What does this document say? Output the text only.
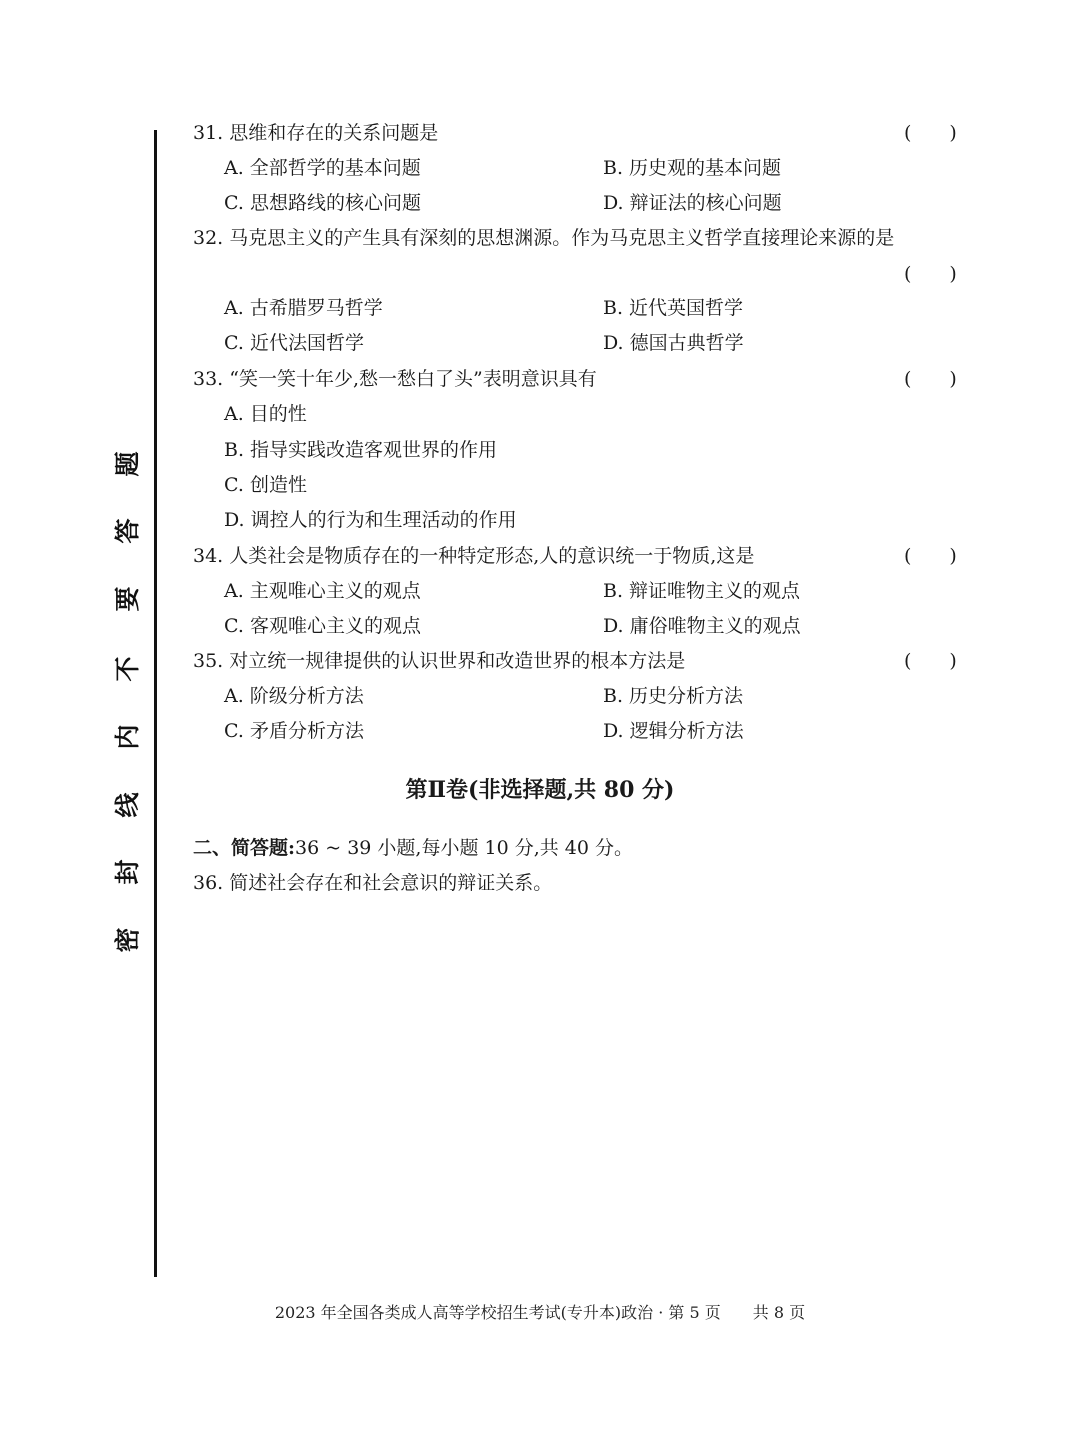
题
答
要
不
内
线
封
密
31. 思维和存在的关系问题是	(　　)
A. 全部哲学的基本问题	B. 历史观的基本问题
C. 思想路线的核心问题	D. 辩证法的核心问题
32. 马克思主义的产生具有深刻的思想渊源。作为马克思主义哲学直接理论来源的是
(　　)
A. 古希腊罗马哲学	B. 近代英国哲学
C. 近代法国哲学	D. 德国古典哲学
33. “笑一笑十年少,愁一愁白了头”表明意识具有	(　　)
A. 目的性
B. 指导实践改造客观世界的作用
C. 创造性
D. 调控人的行为和生理活动的作用
34. 人类社会是物质存在的一种特定形态,人的意识统一于物质,这是	(　　)
A. 主观唯心主义的观点	B. 辩证唯物主义的观点
C. 客观唯心主义的观点	D. 庸俗唯物主义的观点
35. 对立统一规律提供的认识世界和改造世界的根本方法是	(　　)
A. 阶级分析方法	B. 历史分析方法
C. 矛盾分析方法	D. 逻辑分析方法
第Ⅱ卷(非选择题,共 80 分)
二、简答题:36 ~ 39 小题,每小题 10 分,共 40 分。
36. 简述社会存在和社会意识的辩证关系。
2023 年全国各类成人高等学校招生考试(专升本)政治 · 第 5 页　　共 8 页
